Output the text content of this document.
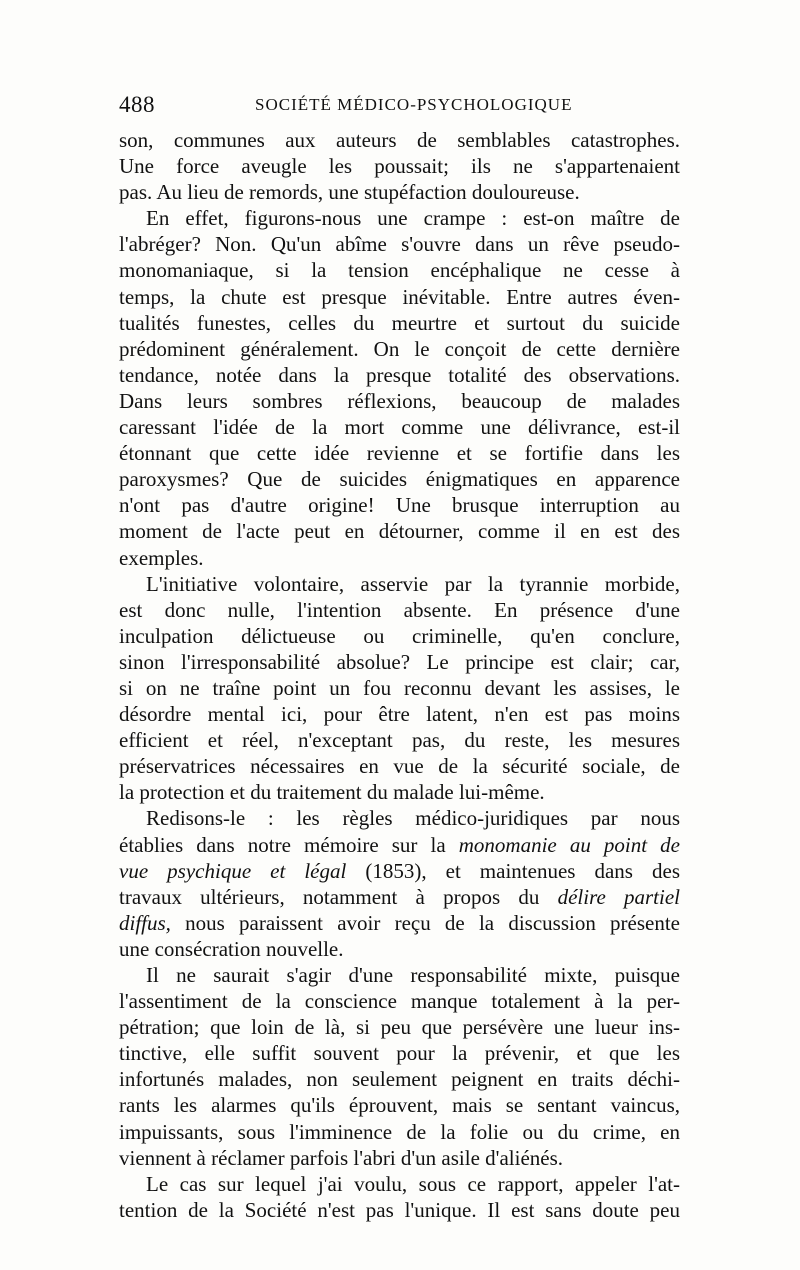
488	SOCIÉTÉ MÉDICO-PSYCHOLOGIQUE
son, communes aux auteurs de semblables catastrophes.
Une force aveugle les poussait; ils ne s'appartenaient
pas. Au lieu de remords, une stupéfaction douloureuse.
En effet, figurons-nous une crampe : est-on maître de
l'abréger? Non. Qu'un abîme s'ouvre dans un rêve pseudo-
monomaniaque, si la tension encéphalique ne cesse à
temps, la chute est presque inévitable. Entre autres éven-
tualités funestes, celles du meurtre et surtout du suicide
prédominent généralement. On le conçoit de cette dernière
tendance, notée dans la presque totalité des observations.
Dans leurs sombres réflexions, beaucoup de malades
caressant l'idée de la mort comme une délivrance, est-il
étonnant que cette idée revienne et se fortifie dans les
paroxysmes? Que de suicides énigmatiques en apparence
n'ont pas d'autre origine! Une brusque interruption au
moment de l'acte peut en détourner, comme il en est des
exemples.
L'initiative volontaire, asservie par la tyrannie morbide,
est donc nulle, l'intention absente. En présence d'une
inculpation délictueuse ou criminelle, qu'en conclure,
sinon l'irresponsabilité absolue? Le principe est clair; car,
si on ne traîne point un fou reconnu devant les assises, le
désordre mental ici, pour être latent, n'en est pas moins
efficient et réel, n'exceptant pas, du reste, les mesures
préservatrices nécessaires en vue de la sécurité sociale, de
la protection et du traitement du malade lui-même.
Redisons-le : les règles médico-juridiques par nous
établies dans notre mémoire sur la monomanie au point de
vue psychique et légal (1853), et maintenues dans des
travaux ultérieurs, notamment à propos du délire partiel
diffus, nous paraissent avoir reçu de la discussion présente
une consécration nouvelle.
Il ne saurait s'agir d'une responsabilité mixte, puisque
l'assentiment de la conscience manque totalement à la per-
pétration; que loin de là, si peu que persévère une lueur ins-
tinctive, elle suffit souvent pour la prévenir, et que les
infortunés malades, non seulement peignent en traits déchi-
rants les alarmes qu'ils éprouvent, mais se sentant vaincus,
impuissants, sous l'imminence de la folie ou du crime, en
viennent à réclamer parfois l'abri d'un asile d'aliénés.
Le cas sur lequel j'ai voulu, sous ce rapport, appeler l'at-
tention de la Société n'est pas l'unique. Il est sans doute peu
